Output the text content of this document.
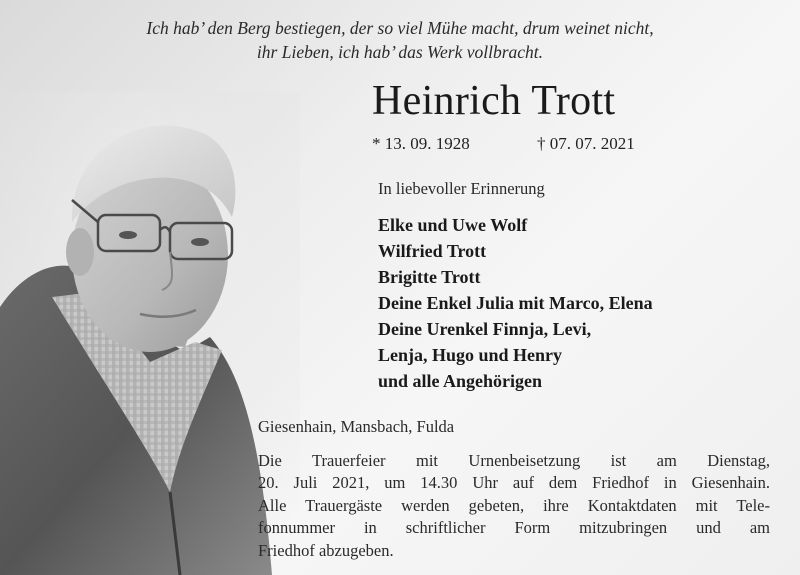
Ich hab’ den Berg bestiegen, der so viel Mühe macht, drum weinet nicht,
ihr Lieben, ich hab’ das Werk vollbracht.
Heinrich Trott
* 13. 09. 1928	† 07. 07. 2021
In liebevoller Erinnerung
Elke und Uwe Wolf
Wilfried Trott
Brigitte Trott
Deine Enkel Julia mit Marco, Elena
Deine Urenkel Finnja, Levi,
Lenja, Hugo und Henry
und alle Angehörigen
Giesenhain, Mansbach, Fulda
Die Trauerfeier mit Urnenbeisetzung ist am Dienstag,
20. Juli 2021, um 14.30 Uhr auf dem Friedhof in Giesenhain.
Alle Trauergäste werden gebeten, ihre Kontaktdaten mit Tele-
fonnummer in schriftlicher Form mitzubringen und am
Friedhof abzugeben.
